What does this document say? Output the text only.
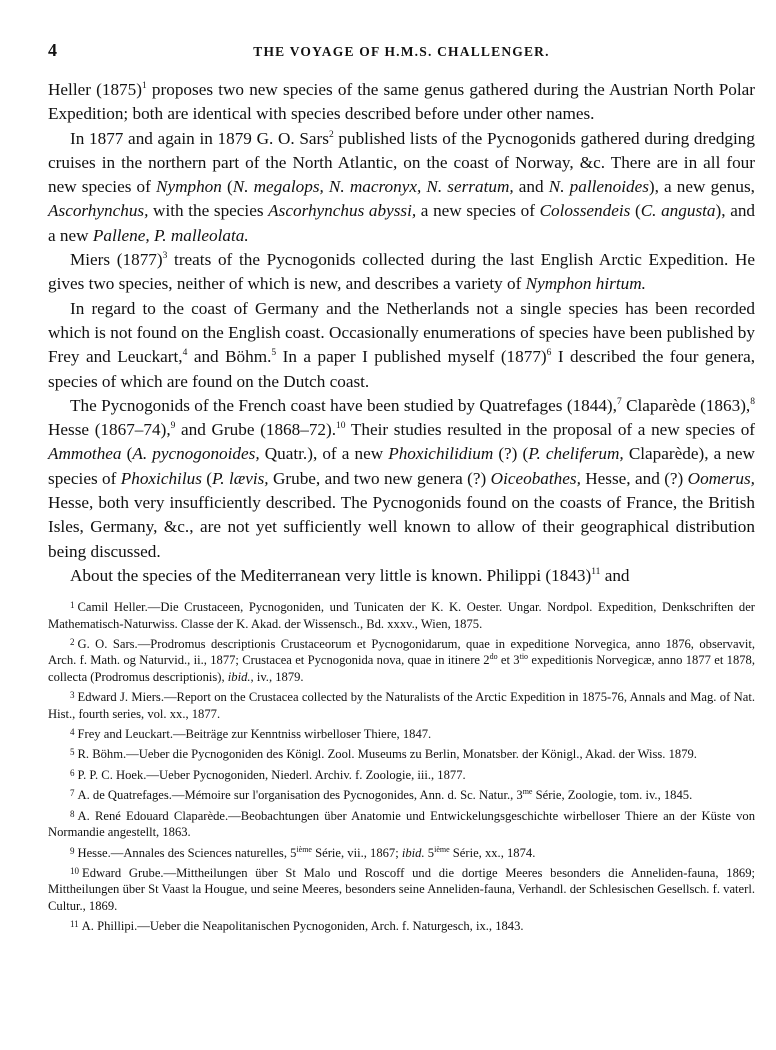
4	THE VOYAGE OF H.M.S. CHALLENGER.

Heller $(1875)^1$ proposes two new species of the same genus gathered during the Austrian North Polar Expedition; both are identical with species described before under other names.

In 1877 and again in 1879 G. O. Sars$^2$ published lists of the Pycnogonids gathered during dredging cruises in the northern part of the North Atlantic, on the coast of Norway, &c. There are in all four new species of Nymphon (N. megalops, N. macronyx, N. serratum, and N. pallenoides), a new genus, Ascorhynchus, with the species Ascorhynchus abyssi, a new species of Colossendeis (C. angusta), and a new Pallene, P. malleolata.

Miers $(1877)^3$ treats of the Pycnogonids collected during the last English Arctic Expedition. He gives two species, neither of which is new, and describes a variety of Nymphon hirtum.

In regard to the coast of Germany and the Netherlands not a single species has been recorded which is not found on the English coast. Occasionally enumerations of species have been published by Frey and Leuckart,$^4$ and Böhm.$^5$ In a paper I published myself $(1877)^6$ I described the four genera, species of which are found on the Dutch coast.

The Pycnogonids of the French coast have been studied by Quatrefages (1844),$^7$ Claparède (1863),$^8$ Hesse (1867–74),$^9$ and Grube (1868–72).$^{10}$ Their studies resulted in the proposal of a new species of Ammothea (A. pycnogonoides, Quatr.), of a new Phoxichilidium (?) (P. cheliferum, Claparède), a new species of Phoxichilus (P. lævis, Grube, and two new genera (?) Oiceobathes, Hesse, and (?) Oomerus, Hesse, both very insufficiently described. The Pycnogonids found on the coasts of France, the British Isles, Germany, &c., are not yet sufficiently well known to allow of their geographical distribution being discussed.

About the species of the Mediterranean very little is known. Philippi $(1843)^{11}$ and

$^1$ Camil Heller.—Die Crustaceen, Pycnogoniden, und Tunicaten der K. K. Oester. Ungar. Nordpol. Expedition, Denkschriften der Mathematisch-Naturwiss. Classe der K. Akad. der Wissensch., Bd. xxxv., Wien, 1875.

$^2$ G. O. Sars.—Prodromus descriptionis Crustaceorum et Pycnogonidarum, quae in expeditione Norvegica, anno 1876, observavit, Arch. f. Math. og Naturvid., ii., 1877; Crustacea et Pycnogonida nova, quae in itinere $2^{do}$ et $3^{tio}$ expeditionis Norvegicæ, anno 1877 et 1878, collecta (Prodromus descriptionis), ibid., iv., 1879.

$^3$ Edward J. Miers.—Report on the Crustacea collected by the Naturalists of the Arctic Expedition in 1875-76, Annals and Mag. of Nat. Hist., fourth series, vol. xx., 1877.

$^4$ Frey and Leuckart.—Beiträge zur Kenntniss wirbelloser Thiere, 1847.

$^5$ R. Böhm.—Ueber die Pycnogoniden des Königl. Zool. Museums zu Berlin, Monatsber. der Königl., Akad. der Wiss. 1879.

$^6$ P. P. C. Hoek.—Ueber Pycnogoniden, Niederl. Archiv. f. Zoologie, iii., 1877.

$^7$ A. de Quatrefages.—Mémoire sur l'organisation des Pycnogonides, Ann. d. Sc. Natur., $3^{me}$ Série, Zoologie, tom. iv., 1845.

$^8$ A. René Edouard Claparède.—Beobachtungen über Anatomie und Entwickelungsgeschichte wirbelloser Thiere an der Küste von Normandie angestellt, 1863.

$^9$ Hesse.—Annales des Sciences naturelles, 5ième Série, vii., 1867; ibid. 5ième Série, xx., 1874.

$^{10}$ Edward Grube.—Mittheilungen über St Malo und Roscoff und die dortige Meeres besonders die Anneliden-fauna, 1869; Mittheilungen über St Vaast la Hougue, und seine Meeres, besonders seine Anneliden-fauna, Verhandl. der Schlesischen Gesellsch. f. vaterl. Cultur., 1869.

$^{11}$ A. Phillipi.—Ueber die Neapolitanischen Pycnogoniden, Arch. f. Naturgesch, ix., 1843.
